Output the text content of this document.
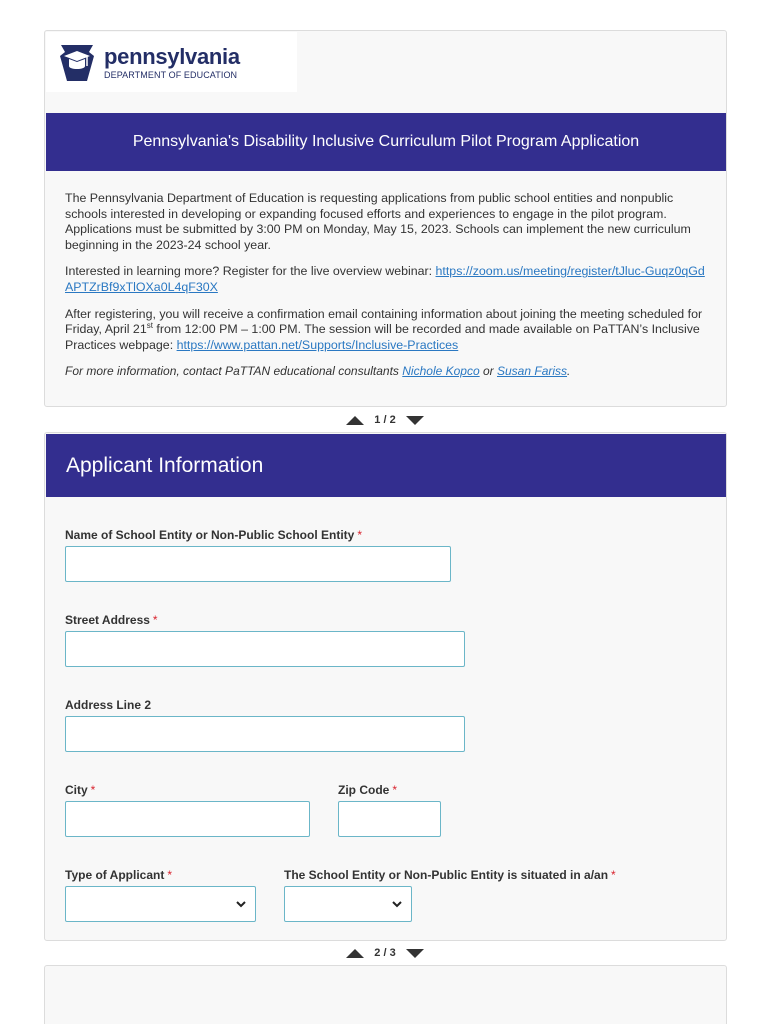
pennsylvania
DEPARTMENT OF EDUCATION
Pennsylvania's Disability Inclusive Curriculum Pilot Program Application

The Pennsylvania Department of Education is requesting applications from public school entities and nonpublic schools interested in developing or expanding focused efforts and experiences to engage in the pilot program. Applications must be submitted by 3:00 PM on Monday, May 15, 2023. Schools can implement the new curriculum beginning in the 2023-24 school year.

Interested in learning more? Register for the live overview webinar: https://zoom.us/meeting/register/tJluc-Guqz0qGdAPTZrBf9xTlOXa0L4qF30X

After registering, you will receive a confirmation email containing information about joining the meeting scheduled for Friday, April 21st from 12:00 PM – 1:00 PM. The session will be recorded and made available on PaTTAN’s Inclusive Practices webpage: https://www.pattan.net/Supports/Inclusive-Practices

For more information, contact PaTTAN educational consultants Nichole Kopco or Susan Fariss.

1 / 2
Applicant Information
Name of School Entity or Non-Public School Entity *
Street Address *
Address Line 2
City *	Zip Code *
Type of Applicant *	The School Entity or Non-Public Entity is situated in a/an *
2 / 3
